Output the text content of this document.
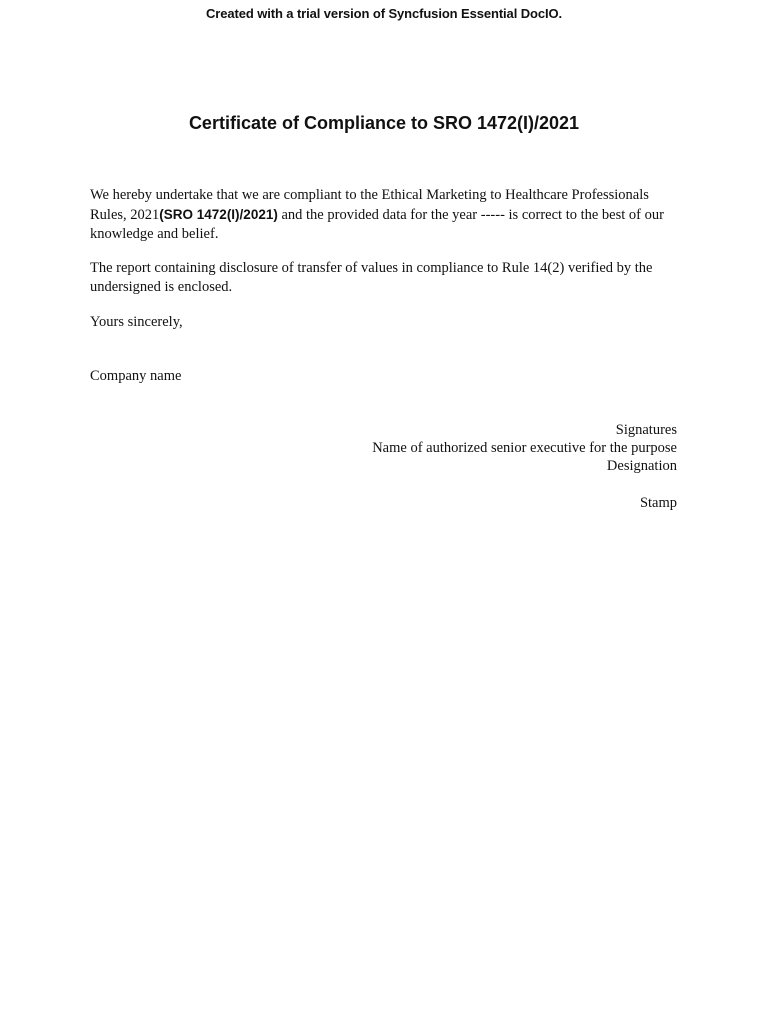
Created with a trial version of Syncfusion Essential DocIO.
Certificate of Compliance to SRO 1472(I)/2021

We hereby undertake that we are compliant to the Ethical Marketing to Healthcare Professionals Rules, 2021(SRO 1472(I)/2021) and the provided data for the year ----- is correct to the best of our knowledge and belief.

The report containing disclosure of transfer of values in compliance to Rule 14(2) verified by the undersigned is enclosed.

Yours sincerely,

Company name

Signatures
Name of authorized senior executive for the purpose
Designation
Stamp
